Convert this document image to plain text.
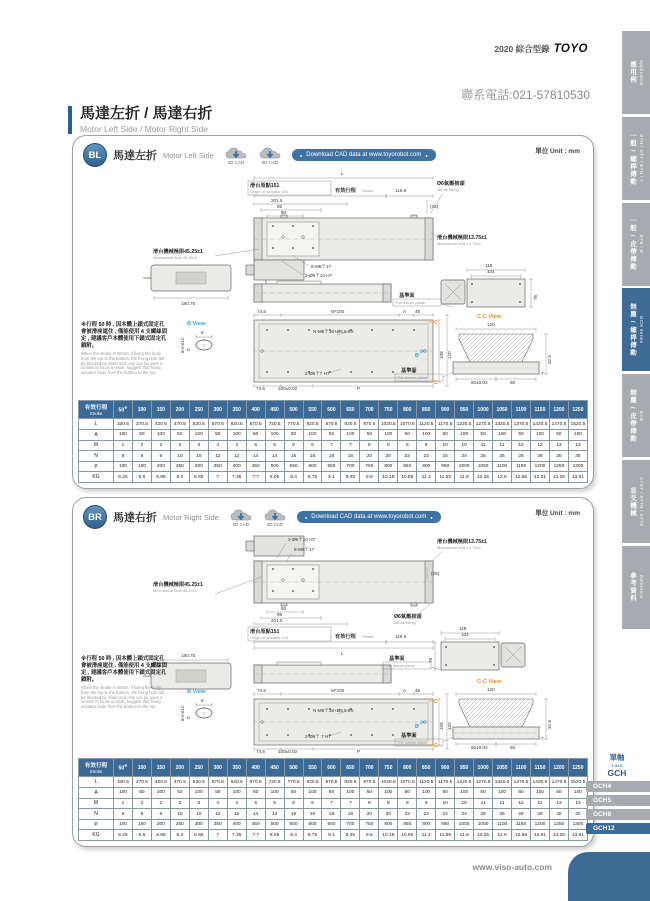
2020 綜合型錄 TOYO
聯系電話:021-57810530
馬達左折 / 馬達右折
Motor Left Side / Motor Right Side
應用例 Application
一般 / 螺桿傳動 GTH / GTY / ETH / Y
一般 / 皮帶傳動 ETB / M
無塵 / 螺桿傳動 GCH Series
無塵 / 皮帶傳動 ECB
直交機械 XYGT / XYTH / XYTB
參考資料 Reference
BL	馬達左折 Motor Left Side
2D CAD	3D CAD
● Download CAD data at www.toyorobot.com ●	單位 Unit : mm
L
滑台原點151
Origin of actuator:151	有效行程 Stroke	119.5
Ø6氣壓接頭
Ø6 air fitting
(25)
201.5
95
60
8-M6〒17
2-Ø6〒10 H7
滑台機械極限45.25±1
Mechanical limit:45.25±1
滑台機械極限13.75±1
Mechanical limit:13.75±1
180.75
74.5	M*100	A 46
N-M8〒16+Ø6.8-thr.
2-Ø6〒7 H7
74.5	100±0.02	P
108 120
C
C
B
B View
8
6-0.012 0
118
104
76
基準面
The datum plane
C-C View
120
60±0.03	60
7
32.5
基準面
The datum plane
※行程 50 時 , 因本體上鎖式固定孔會被滑座遮住 , 僅能使用 4 支螺絲固定 , 建議客戶本體使用下鎖式固定孔鎖附。
When the stroke is 50mm, if fixing the body from the top to the bottom, the fixing hole will be blocked by slider and only can be uses 4 screws to fix,as a result, suggest that fixing actuator body from the bottom to the top.
有效行程
Stroke	50※	100	150	200	250	300	350	400	450	500	550	600	650	700	750	800	850	900	950	1000	1050	1100	1150	1200	1250
L	320.5	370.5	420.5	470.5	520.5	570.5	620.5	670.5	720.5	770.5	820.5	870.5	920.5	970.5	1020.5	1070.5	1120.5	1170.5	1220.5	1270.5	1320.5	1370.5	1420.5	1470.5	1520.5
A	100	50	100	50	100	50	100	50	100	50	100	50	100	50	100	50	100	50	100	50	100	50	100	50	100
M	1	2	2	3	3	4	4	5	5	6	6	7	7	8	8	9	9	10	10	11	11	12	12	13	13
N	6	8	8	10	10	12	12	14	14	16	16	18	18	20	20	22	22	24	24	26	26	28	28	30	30
P	100	150	200	250	300	350	400	450	500	550	600	650	700	750	800	850	900	950	1000	1050	1100	1150	1200	1250	1300
KG	5.25	5.6	5.95	6.3	6.65	7	7.35	7.7	8.05	8.4	8.75	9.1	9.45	9.8	10.15	10.85	11.2	11.55	11.9	12.25	12.6	12.56	12.91	13.26	13.61
BR	馬達右折 Motor Right Side
2D CAD	3D CAD
● Download CAD data at www.toyorobot.com ●	單位 Unit : mm
2-Ø6〒10 H7
8-M6〒17
滑台機械極限13.75±1
Mechanical limit:13.75±1
(25)
Ø6氣壓接頭
Ø6 air fitting
60
95
201.5
滑台原點151
Origin of actuator:151	有效行程 Stroke	119.5
L
滑台機械極限45.25±1
Mechanical limit:45.25±1
180.75
74.5	M*100	A 46
N-M8〒16+Ø6.8-thr.
2-Ø6〒 7 H7
74.5	100±0.02	P
108 120
C
C
B
B View
8
6-0.012 0
118
104
76
基準面
The datum plane
C-C View
120
60±0.03	60
7
32.5
基準面
The datum plane
※行程 50 時 , 因本體上鎖式固定孔會被滑座遮住 , 僅能使用 4 支螺絲固定 , 建議客戶本體使用下鎖式固定孔鎖附。
When the stroke is 50mm, if fixing the body from the top to the bottom, the fixing hole will be blocked by slider and only can be uses 4 screws to fix,as a result, suggest that fixing actuator body from the bottom to the top.
有效行程
Stroke	50※	100	150	200	250	300	350	400	450	500	550	600	650	700	750	800	850	900	950	1000	1050	1100	1150	1200	1250
L	320.5	370.5	420.5	470.5	520.5	570.5	620.5	670.5	720.5	770.5	820.5	870.5	920.5	970.5	1020.5	1070.5	1120.5	1170.5	1220.5	1270.5	1320.5	1370.5	1420.5	1470.5	1520.5
A	100	50	100	50	100	50	100	50	100	50	100	50	100	50	100	50	100	50	100	50	100	50	100	50	100
M	1	2	2	3	3	4	4	5	5	6	6	7	7	8	8	9	9	10	10	11	11	12	12	13	13
N	6	8	8	10	10	12	12	14	14	16	16	18	18	20	20	22	22	24	24	26	26	28	28	30	30
P	100	150	200	250	300	350	400	450	500	550	600	650	700	750	800	850	900	950	1000	1050	1100	1150	1200	1250	1300
KG	5.25	5.6	5.95	6.3	6.65	7	7.35	7.7	8.05	8.4	8.75	9.1	9.45	9.8	10.15	10.85	11.2	11.55	11.9	12.25	12.6	12.56	12.91	13.26	13.61
單軸
1 axis
GCH
GCH4
GCH5
GCH8
GCH12
www.viso-auto.com
